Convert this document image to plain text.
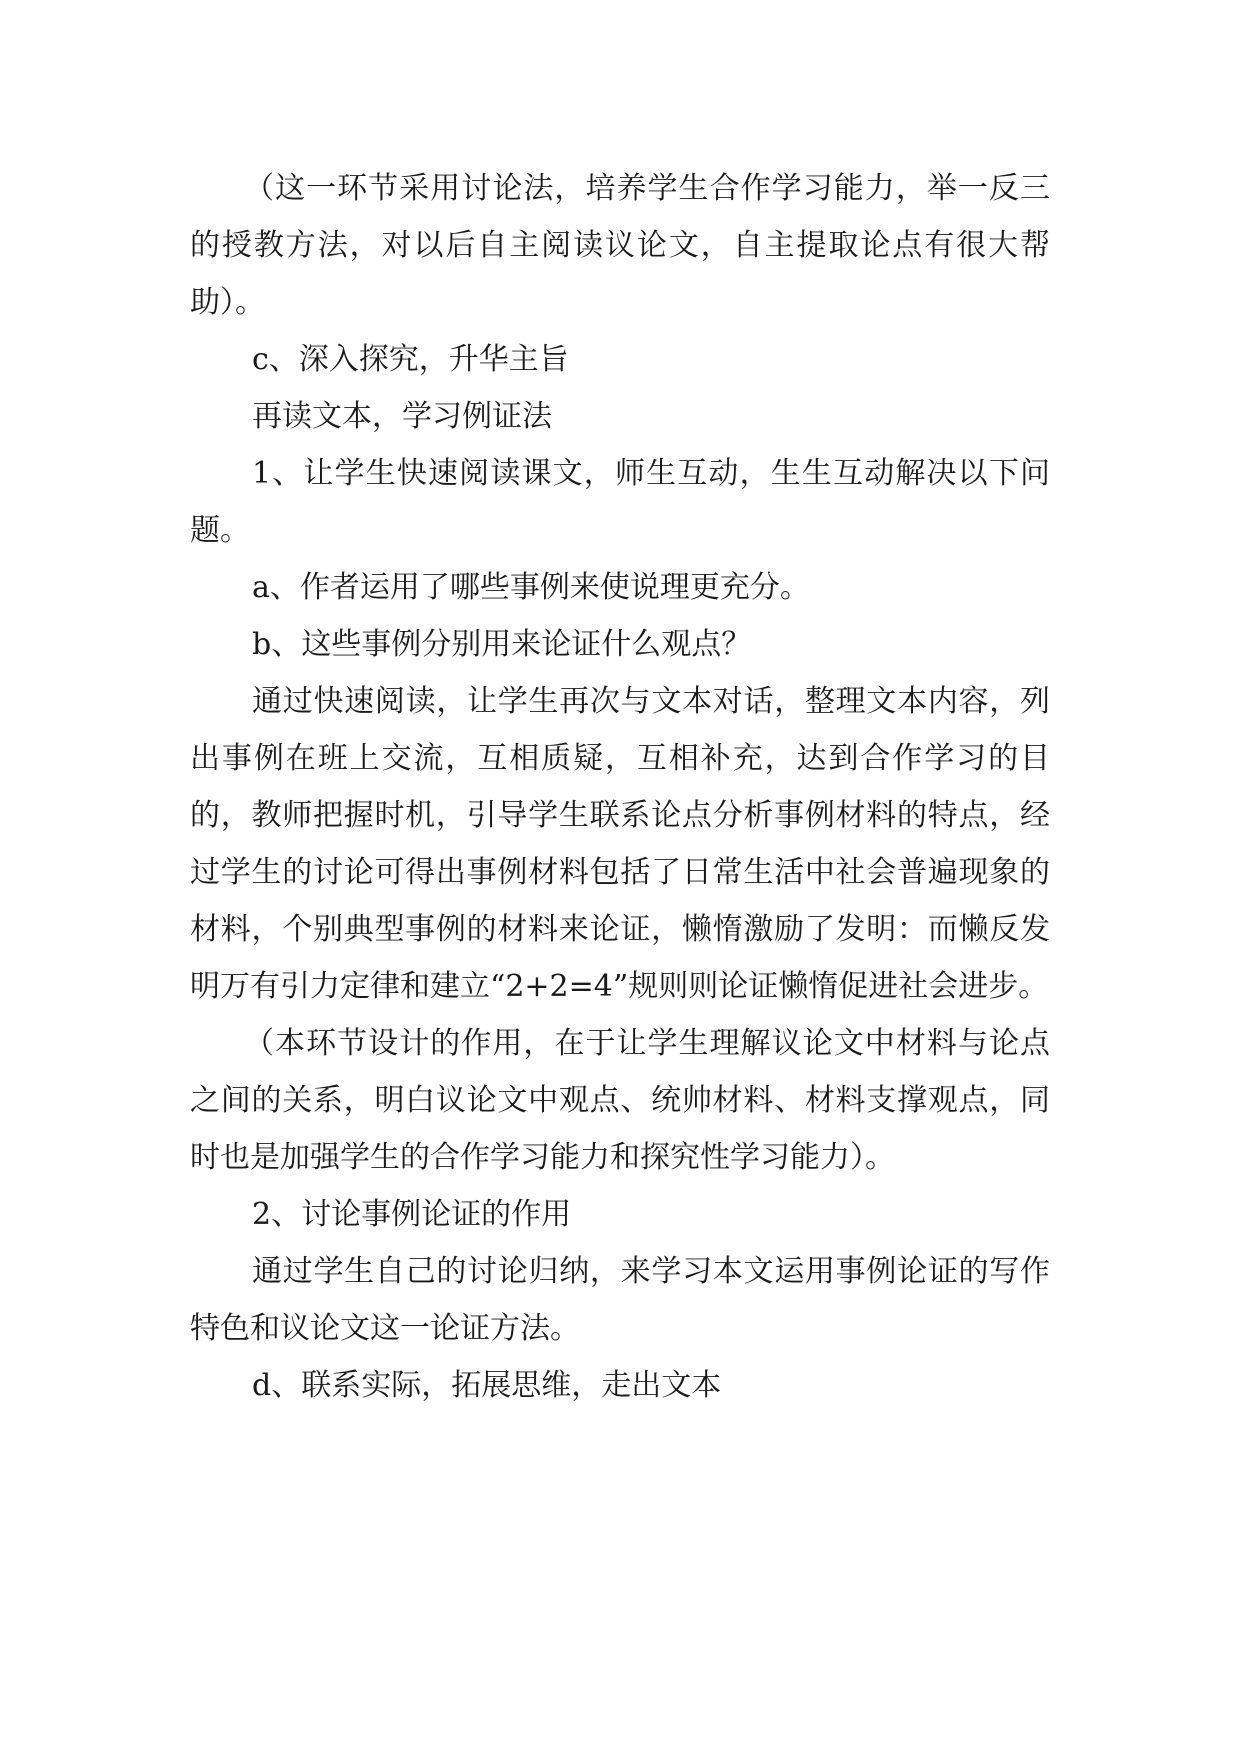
（这一环节采用讨论法，培养学生合作学习能力，举一反三的授教方法，对以后自主阅读议论文，自主提取论点有很大帮助）。

c、深入探究，升华主旨

再读文本，学习例证法

1、让学生快速阅读课文，师生互动，生生互动解决以下问题。

a、作者运用了哪些事例来使说理更充分。

b、这些事例分别用来论证什么观点？

通过快速阅读，让学生再次与文本对话，整理文本内容，列出事例在班上交流，互相质疑，互相补充，达到合作学习的目的，教师把握时机，引导学生联系论点分析事例材料的特点，经过学生的讨论可得出事例材料包括了日常生活中社会普遍现象的材料，个别典型事例的材料来论证，懒惰激励了发明：而懒反发明万有引力定律和建立“2+2=4”规则则论证懒惰促进社会进步。

（本环节设计的作用，在于让学生理解议论文中材料与论点之间的关系，明白议论文中观点、统帅材料、材料支撑观点，同时也是加强学生的合作学习能力和探究性学习能力）。

2、讨论事例论证的作用

通过学生自己的讨论归纳，来学习本文运用事例论证的写作特色和议论文这一论证方法。

d、联系实际，拓展思维，走出文本
